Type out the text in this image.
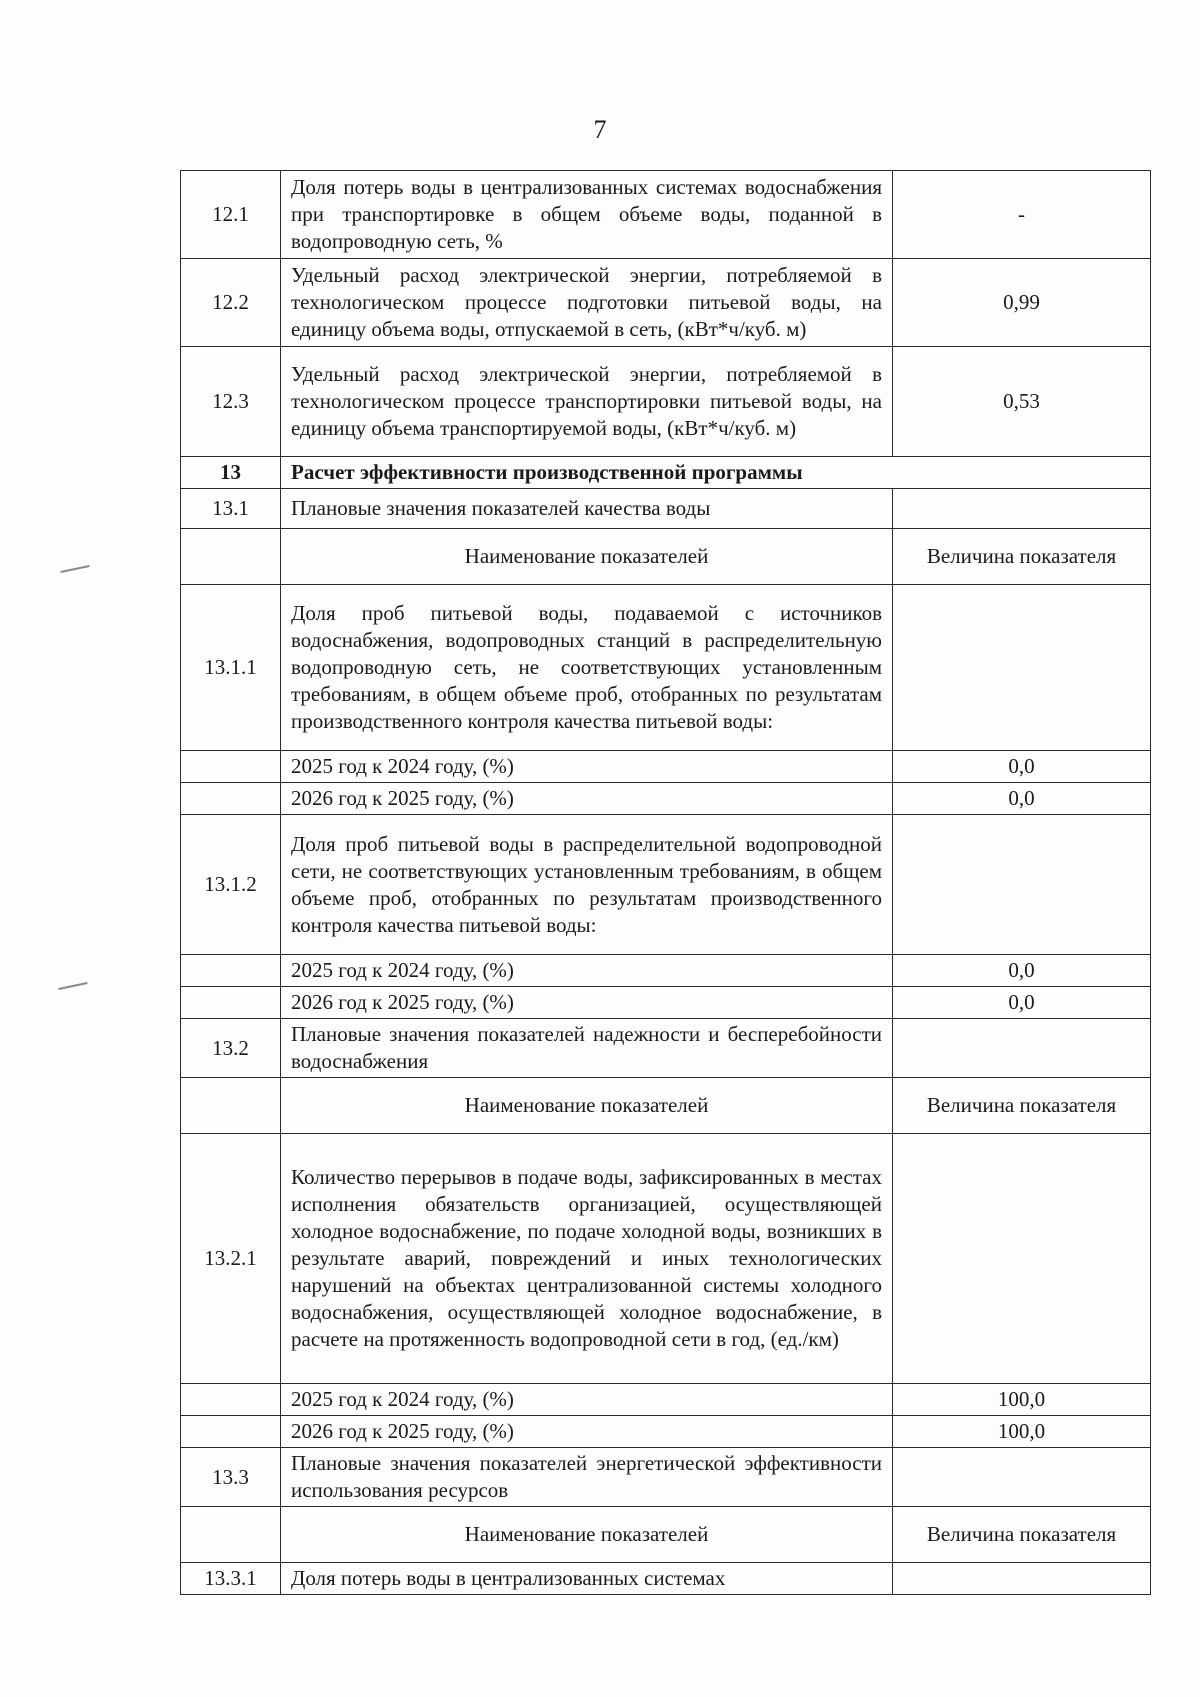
7
12.1	Доля потерь воды в централизованных системах водоснабжения при транспортировке в общем объеме воды, поданной в водопроводную сеть, %	-
12.2	Удельный расход электрической энергии, потребляемой в технологическом процессе подготовки питьевой воды, на единицу объема воды, отпускаемой в сеть, (кВт*ч/куб. м)	0,99
12.3	Удельный расход электрической энергии, потребляемой в технологическом процессе транспортировки питьевой воды, на единицу объема транспортируемой воды, (кВт*ч/куб. м)	0,53
13	Расчет эффективности производственной программы	
13.1	Плановые значения показателей качества воды	
	Наименование показателей	Величина показателя
13.1.1	Доля проб питьевой воды, подаваемой с источников водоснабжения, водопроводных станций в распределительную водопроводную сеть, не соответствующих установленным требованиям, в общем объеме проб, отобранных по результатам производственного контроля качества питьевой воды:	
	2025 год к 2024 году, (%)	0,0
	2026 год к 2025 году, (%)	0,0
13.1.2	Доля проб питьевой воды в распределительной водопроводной сети, не соответствующих установленным требованиям, в общем объеме проб, отобранных по результатам производственного контроля качества питьевой воды:	
	2025 год к 2024 году, (%)	0,0
	2026 год к 2025 году, (%)	0,0
13.2	Плановые значения показателей надежности и бесперебойности водоснабжения	
	Наименование показателей	Величина показателя
13.2.1	Количество перерывов в подаче воды, зафиксированных в местах исполнения обязательств организацией, осуществляющей холодное водоснабжение, по подаче холодной воды, возникших в результате аварий, повреждений и иных технологических нарушений на объектах централизованной системы холодного водоснабжения, осуществляющей холодное водоснабжение, в расчете на протяженность водопроводной сети в год, (ед./км)	
	2025 год к 2024 году, (%)	100,0
	2026 год к 2025 году, (%)	100,0
13.3	Плановые значения показателей энергетической эффективности использования ресурсов	
	Наименование показателей	Величина показателя
13.3.1	Доля потерь воды в централизованных системах	
